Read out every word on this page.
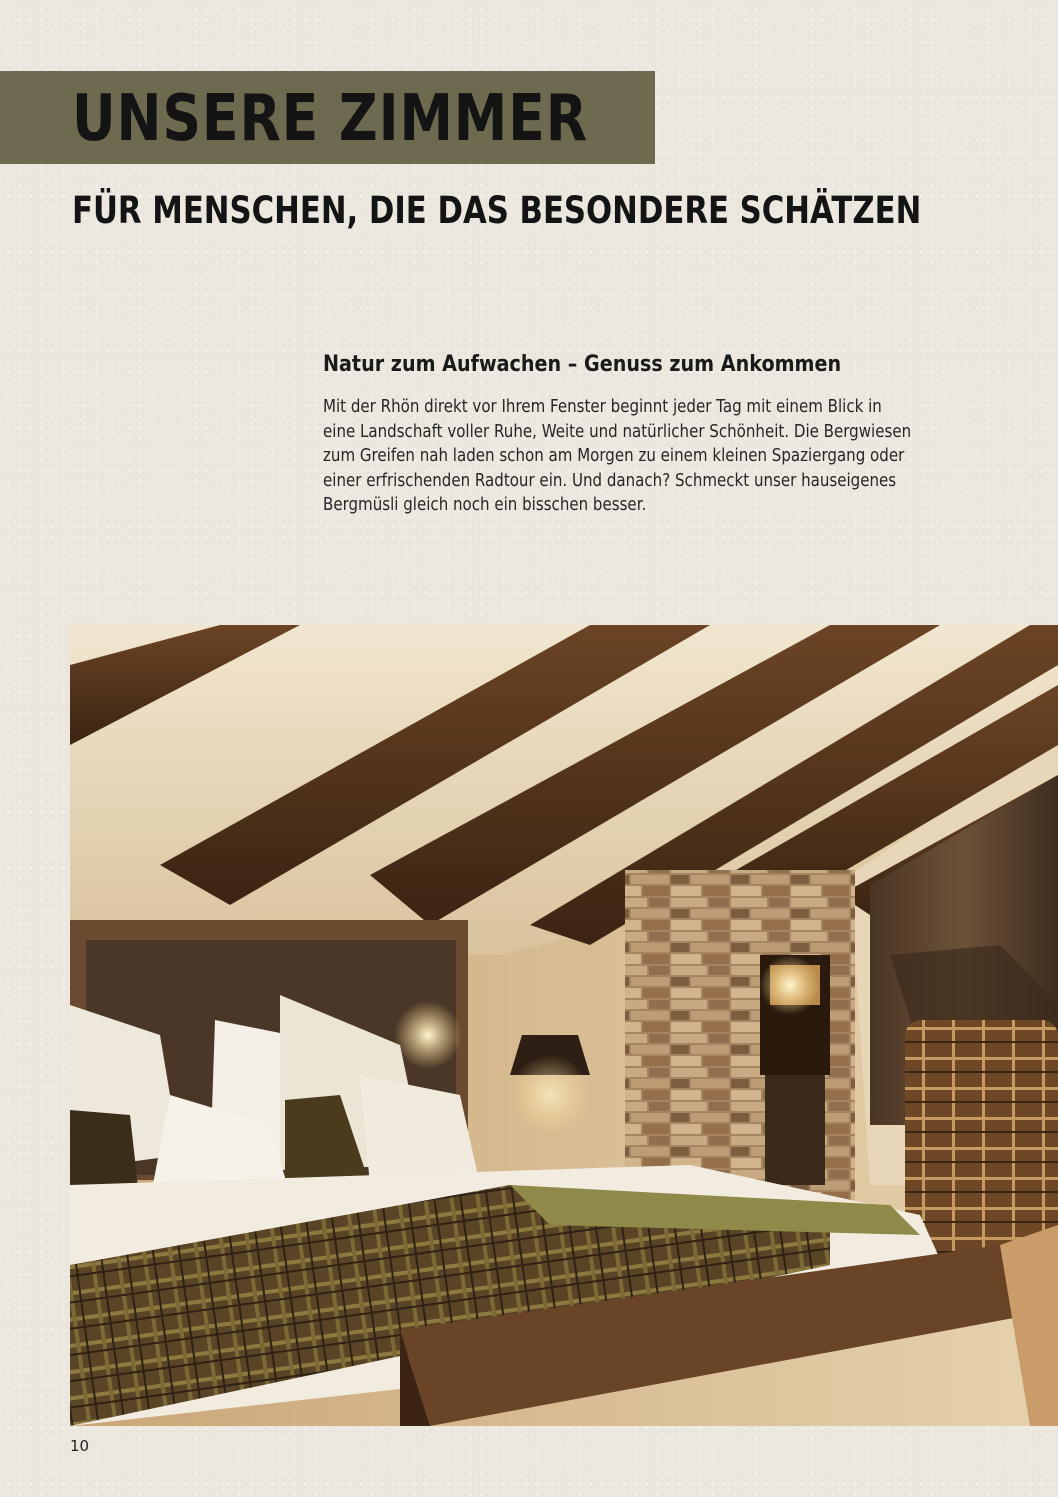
UNSERE ZIMMER
FÜR MENSCHEN, DIE DAS BESONDERE SCHÄTZEN
Natur zum Aufwachen – Genuss zum Ankommen

Mit der Rhön direkt vor Ihrem Fenster beginnt jeder Tag mit einem Blick in
eine Landschaft voller Ruhe, Weite und natürlicher Schönheit. Die Bergwiesen
zum Greifen nah laden schon am Morgen zu einem kleinen Spaziergang oder
einer erfrischenden Radtour ein. Und danach? Schmeckt unser hauseigenes
Bergmüsli gleich noch ein bisschen besser.

10
